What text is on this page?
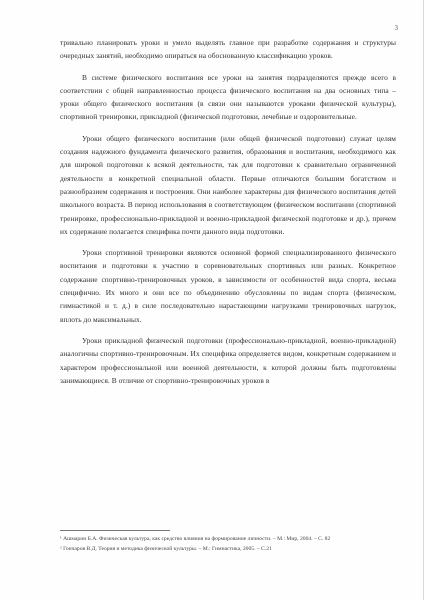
3

тривально планировать уроки и умело выделять главное при разработке содержания и структуры очередных занятий, необходимо опираться на обоснованную классификацию уроков.

В системе физического воспитания все уроки на занятия подразделяются прежде всего в соответствии с общей направленностью процесса физического воспитания на два основных типа – уроки общего физического воспитания (в связи они называются уроками физической культуры), спортивной тренировки, прикладной (физической подготовки, лечебные и оздоровительные.

Уроки общего физического воспитания (или общей физической подготовки) служат целям создания надежного фундамента физического развития, образования и воспитания, необходимого как для широкой подготовки к всякой деятельности, так для подготовки к сравнительно ограниченной деятельности в конкретной специальной области. Первые отличаются большим богатством и разнообразием содержания и построения. Они наиболее характерны для физического воспитания детей школьного возраста. В период использования в соответствующем (физическом воспитании (спортивной тренировке, профессионально-прикладной и военно-прикладной физической подготовке и др.), причем их содержание полагается специфика почти данного вида подготовки.

Уроки спортивной тренировки являются основной формой специализированного физического воспитания и подготовки к участию в соревновательных спортивных или разных. Конкретное содержание спортивно-тренировочных уроков, в зависимости от особенностей вида спорта, весьма специфично. Их много и они все по объединению обусловлены по видам спорта (физическом, гимнастикой и т. д.) в силе последовательно нарастающими нагрузками тренировочных нагрузок, вплоть до максимальных.

Уроки прикладной физической подготовки (профессионально-прикладной, военно-прикладной) аналогичны спортивно-тренировочным. Их специфика определяется видом, конкретным содержанием и характером профессиональной или военной деятельности, к которой должны быть подготовлены занимающиеся. В отличие от спортивно-тренировочных уроков в

¹ Ашмарин Б.А. Физическая культура, как средство влияния на формирование личности. – М.: Мир, 2004. – С. 82
² Гончаров В.Д. Теория и методика физической культуры. – М.: Гимнастика, 2005. – С.21
